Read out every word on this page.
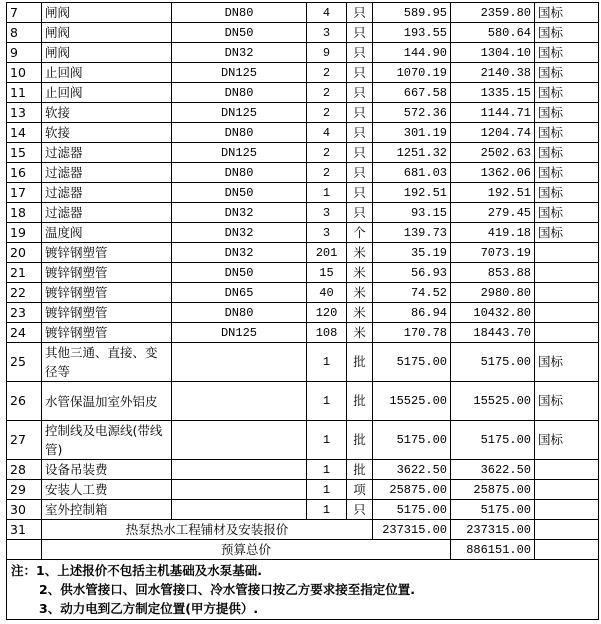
7	闸阀	DN80	4	只	589.95	2359.80	国标
8	闸阀	DN50	3	只	193.55	580.64	国标
9	闸阀	DN32	9	只	144.90	1304.10	国标
10	止回阀	DN125	2	只	1070.19	2140.38	国标
11	止回阀	DN80	2	只	667.58	1335.15	国标
13	软接	DN125	2	只	572.36	1144.71	国标
14	软接	DN80	4	只	301.19	1204.74	国标
15	过滤器	DN125	2	只	1251.32	2502.63	国标
16	过滤器	DN80	2	只	681.03	1362.06	国标
17	过滤器	DN50	1	只	192.51	192.51	国标
18	过滤器	DN32	3	只	93.15	279.45	国标
19	温度阀	DN32	3	个	139.73	419.18	国标
20	镀锌钢塑管	DN32	201	米	35.19	7073.19	
21	镀锌钢塑管	DN50	15	米	56.93	853.88	
22	镀锌钢塑管	DN65	40	米	74.52	2980.80	
23	镀锌钢塑管	DN80	120	米	86.94	10432.80	
24	镀锌钢塑管	DN125	108	米	170.78	18443.70	
25	其他三通、直接、变径等		1	批	5175.00	5175.00	国标
26	水管保温加室外铝皮		1	批	15525.00	15525.00	国标
27	控制线及电源线(带线管)		1	批	5175.00	5175.00	国标
28	设备吊装费		1	批	3622.50	3622.50	
29	安装人工费		1	项	25875.00	25875.00	
30	室外控制箱		1	只	5175.00	5175.00	
31	热泵热水工程铺材及安装报价				237315.00	237315.00	
	预算总价					886151.00	

注：1、上述报价不包括主机基础及水泵基础.
2、供水管接口、回水管接口、冷水管接口按乙方要求接至指定位置.
3、动力电到乙方制定位置(甲方提供）.							
